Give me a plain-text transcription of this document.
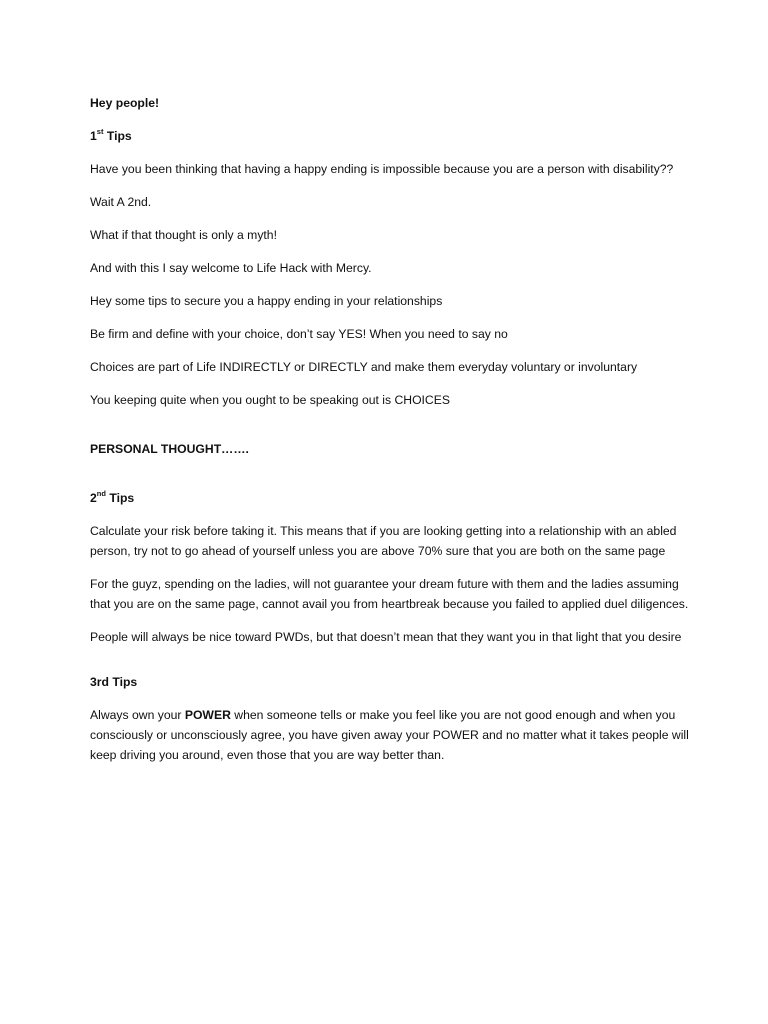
Hey people!

1st Tips

Have you been thinking that having a happy ending is impossible because you are a person with disability??

Wait A 2nd.

What if that thought is only a myth!

And with this I say welcome to Life Hack with Mercy.

Hey some tips to secure you a happy ending in your relationships

Be firm and define with your choice, don’t say YES! When you need to say no

Choices are part of Life INDIRECTLY or DIRECTLY and make them everyday voluntary or involuntary

You keeping quite when you ought to be speaking out is CHOICES

PERSONAL THOUGHT…….

2nd Tips

Calculate your risk before taking it. This means that if you are looking getting into a relationship with an abled person, try not to go ahead of yourself unless you are above 70% sure that you are both on the same page

For the guyz, spending on the ladies, will not guarantee your dream future with them and the ladies assuming that you are on the same page, cannot avail you from heartbreak because you failed to applied duel diligences.

People will always be nice toward PWDs, but that doesn’t mean that they want you in that light that you desire

3rd Tips

Always own your POWER when someone tells or make you feel like you are not good enough and when you consciously or unconsciously agree, you have given away your POWER and no matter what it takes people will keep driving you around, even those that you are way better than.
